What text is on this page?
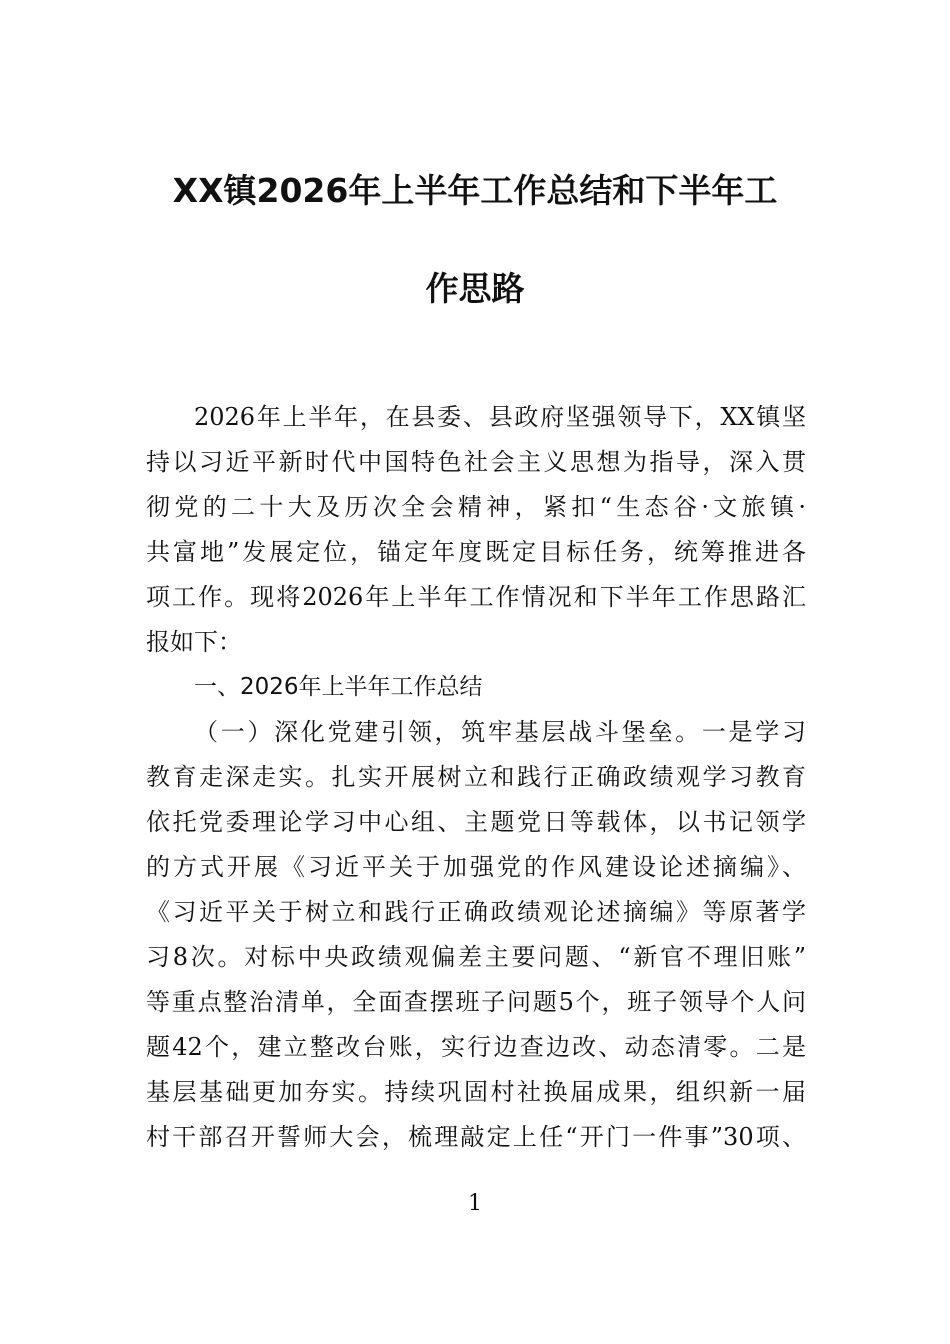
XX镇2026年上半年工作总结和下半年工
作思路
2026年上半年，在县委、县政府坚强领导下，XX镇坚
持以习近平新时代中国特色社会主义思想为指导，深入贯
彻党的二十大及历次全会精神，紧扣“生态谷·文旅镇·
共富地”发展定位，锚定年度既定目标任务，统筹推进各
项工作。现将2026年上半年工作情况和下半年工作思路汇
报如下：
一、2026年上半年工作总结
（一）深化党建引领，筑牢基层战斗堡垒。一是学习
教育走深走实。扎实开展树立和践行正确政绩观学习教育
依托党委理论学习中心组、主题党日等载体，以书记领学
的方式开展《习近平关于加强党的作风建设论述摘编》、
《习近平关于树立和践行正确政绩观论述摘编》等原著学
习8次。对标中央政绩观偏差主要问题、“新官不理旧账”
等重点整治清单，全面查摆班子问题5个，班子领导个人问
题42个，建立整改台账，实行边查边改、动态清零。二是
基层基础更加夯实。持续巩固村社换届成果，组织新一届
村干部召开誓师大会，梳理敲定上任“开门一件事”30项、
1
